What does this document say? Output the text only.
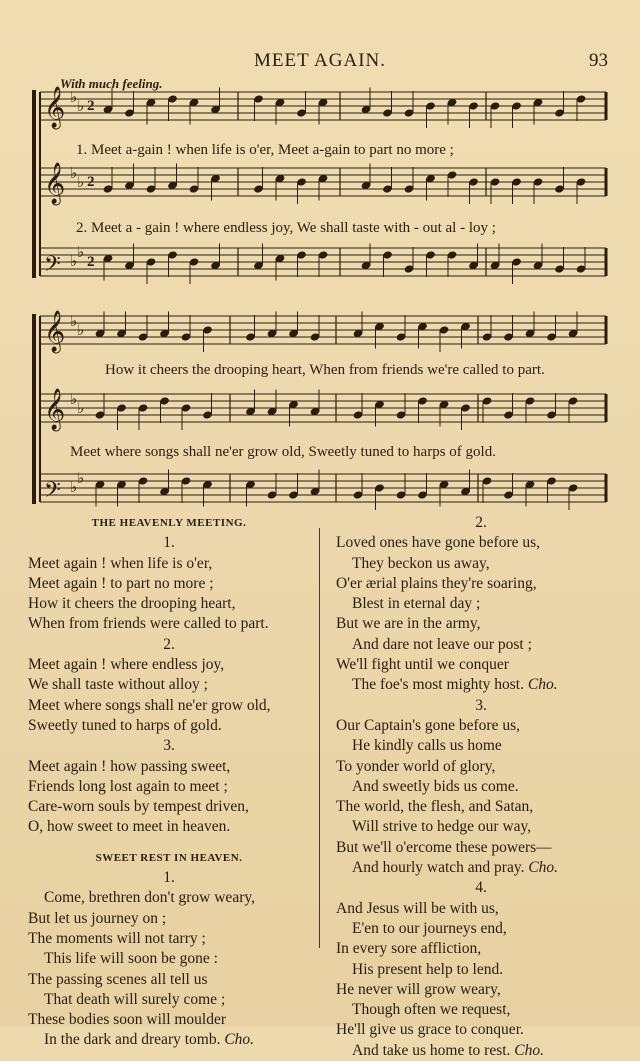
MEET AGAIN.	93
With much feeling.
𝄞 ♭
♭ 2
𝄞 ♭
♭ 2
𝄢 ♭
♭
2
𝄞 ♭
♭
𝄞 ♭
♭
𝄢 ♭
♭
1. Meet a-gain ! when life is o'er, Meet a-gain to part no more ;
2. Meet a - gain ! where endless joy, We shall taste with - out al - loy ;
How it cheers the drooping heart, When from friends we're called to part.
Meet where songs shall ne'er grow old, Sweetly tuned to harps of gold.
THE HEAVENLY MEETING.
1.
Meet again ! when life is o'er,
Meet again ! to part no more ;
How it cheers the drooping heart,
When from friends were called to part.
2.
Meet again ! where endless joy,
We shall taste without alloy ;
Meet where songs shall ne'er grow old,
Sweetly tuned to harps of gold.
3.
Meet again ! how passing sweet,
Friends long lost again to meet ;
Care-worn souls by tempest driven,
O, how sweet to meet in heaven.
SWEET REST IN HEAVEN.
1.
Come, brethren don't grow weary,
But let us journey on ;
The moments will not tarry ;
This life will soon be gone :
The passing scenes all tell us
That death will surely come ;
These bodies soon will moulder
In the dark and dreary tomb. Cho.
2.
Loved ones have gone before us,
They beckon us away,
O'er ærial plains they're soaring,
Blest in eternal day ;
But we are in the army,
And dare not leave our post ;
We'll fight until we conquer
The foe's most mighty host. Cho.
3.
Our Captain's gone before us,
He kindly calls us home
To yonder world of glory,
And sweetly bids us come.
The world, the flesh, and Satan,
Will strive to hedge our way,
But we'll o'ercome these powers—
And hourly watch and pray. Cho.
4.
And Jesus will be with us,
E'en to our journeys end,
In every sore affliction,
His present help to lend.
He never will grow weary,
Though often we request,
He'll give us grace to conquer.
And take us home to rest. Cho.
